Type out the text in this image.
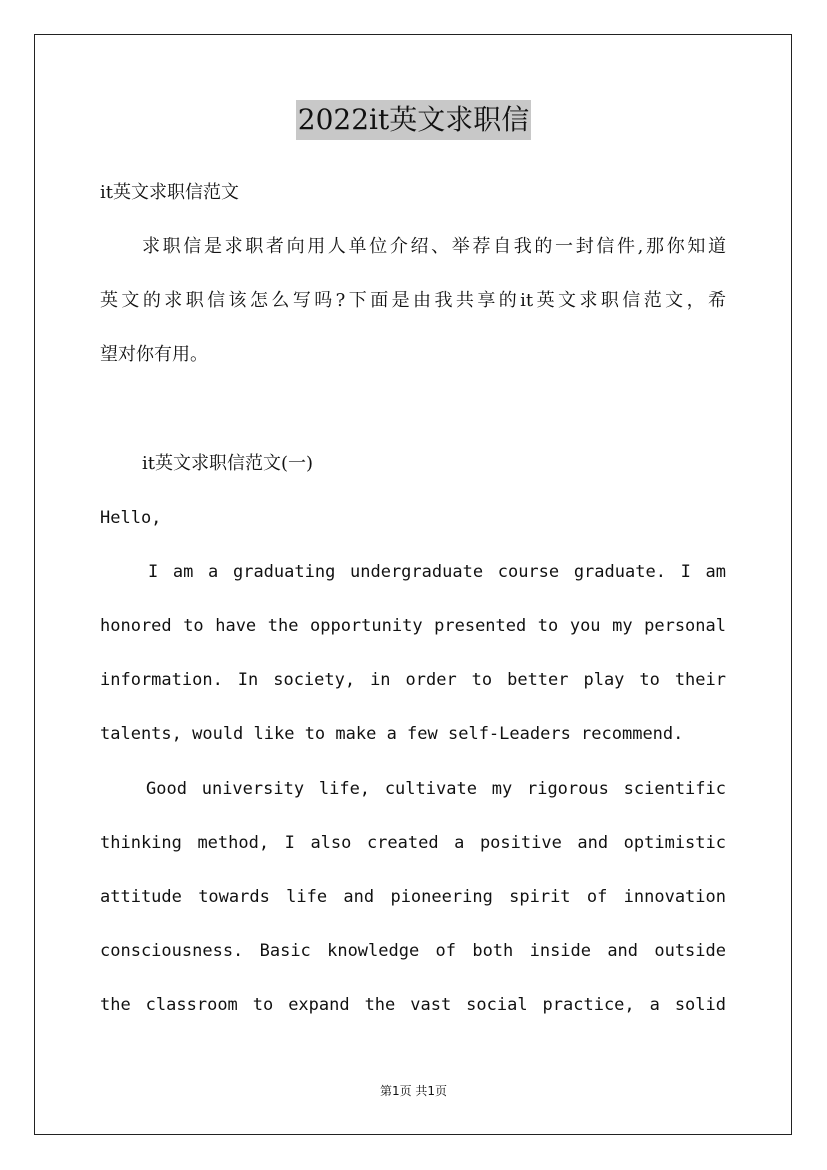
2022it英文求职信
it英文求职信范文
求职信是求职者向用人单位介绍、举荐自我的一封信件,那你知道
英文的求职信该怎么写吗?下面是由我共享的it英文求职信范文，希
望对你有用。
it英文求职信范文(一)
Hello,
I am a graduating undergraduate course graduate. I am
honored to have the opportunity presented to you my personal
information. In society, in order to better play to their
talents, would like to make a few self-Leaders recommend.
Good university life, cultivate my rigorous scientific
thinking method, I also created a positive and optimistic
attitude towards life and pioneering spirit of innovation
consciousness. Basic knowledge of both inside and outside
the classroom to expand the vast social practice, a solid
第1页 共1页
